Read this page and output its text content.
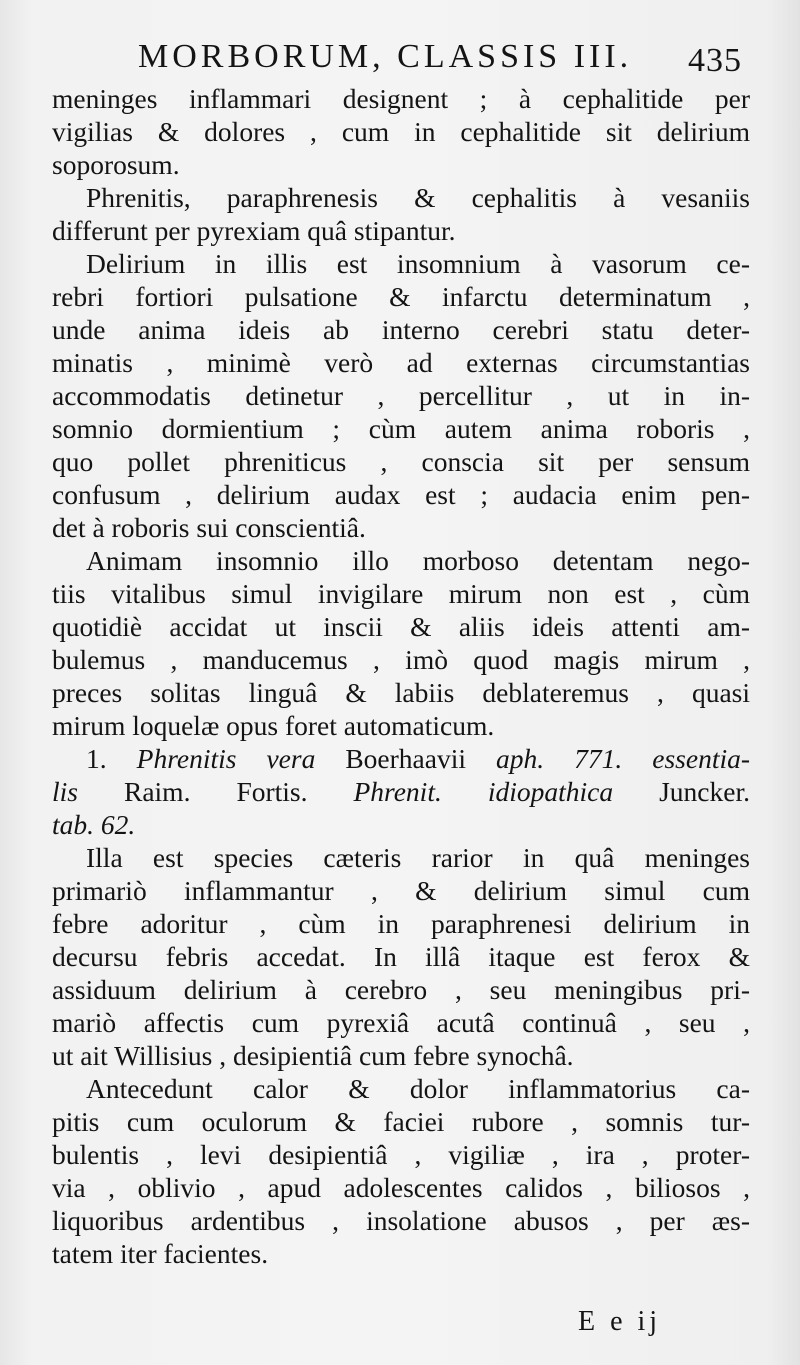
MORBORUM, CLASSIS III. 435
meninges inflammari designent ; à cephalitide per
vigilias & dolores , cum in cephalitide sit delirium
soporosum.
Phrenitis, paraphrenesis & cephalitis à vesaniis
differunt per pyrexiam quâ stipantur.
Delirium in illis est insomnium à vasorum ce-
rebri fortiori pulsatione & infarctu determinatum ,
unde anima ideis ab interno cerebri statu deter-
minatis , minimè verò ad externas circumstantias
accommodatis detinetur , percellitur , ut in in-
somnio dormientium ; cùm autem anima roboris ,
quo pollet phreniticus , conscia sit per sensum
confusum , delirium audax est ; audacia enim pen-
det à roboris sui conscientiâ.
Animam insomnio illo morboso detentam nego-
tiis vitalibus simul invigilare mirum non est , cùm
quotidiè accidat ut inscii & aliis ideis attenti am-
bulemus , manducemus , imò quod magis mirum ,
preces solitas linguâ & labiis deblateremus , quasi
mirum loquelæ opus foret automaticum.
1. Phrenitis vera Boerhaavii aph. 771. essentia-
lis Raim. Fortis. Phrenit. idiopathica Juncker.
tab. 62.
Illa est species cæteris rarior in quâ meninges
primariò inflammantur , & delirium simul cum
febre adoritur , cùm in paraphrenesi delirium in
decursu febris accedat. In illâ itaque est ferox &
assiduum delirium à cerebro , seu meningibus pri-
mariò affectis cum pyrexiâ acutâ continuâ , seu ,
ut ait Willisius , desipientiâ cum febre synochâ.
Antecedunt calor & dolor inflammatorius ca-
pitis cum oculorum & faciei rubore , somnis tur-
bulentis , levi desipientiâ , vigiliæ , ira , proter-
via , oblivio , apud adolescentes calidos , biliosos ,
liquoribus ardentibus , insolatione abusos , per æs-
tatem iter facientes.
E e ij
